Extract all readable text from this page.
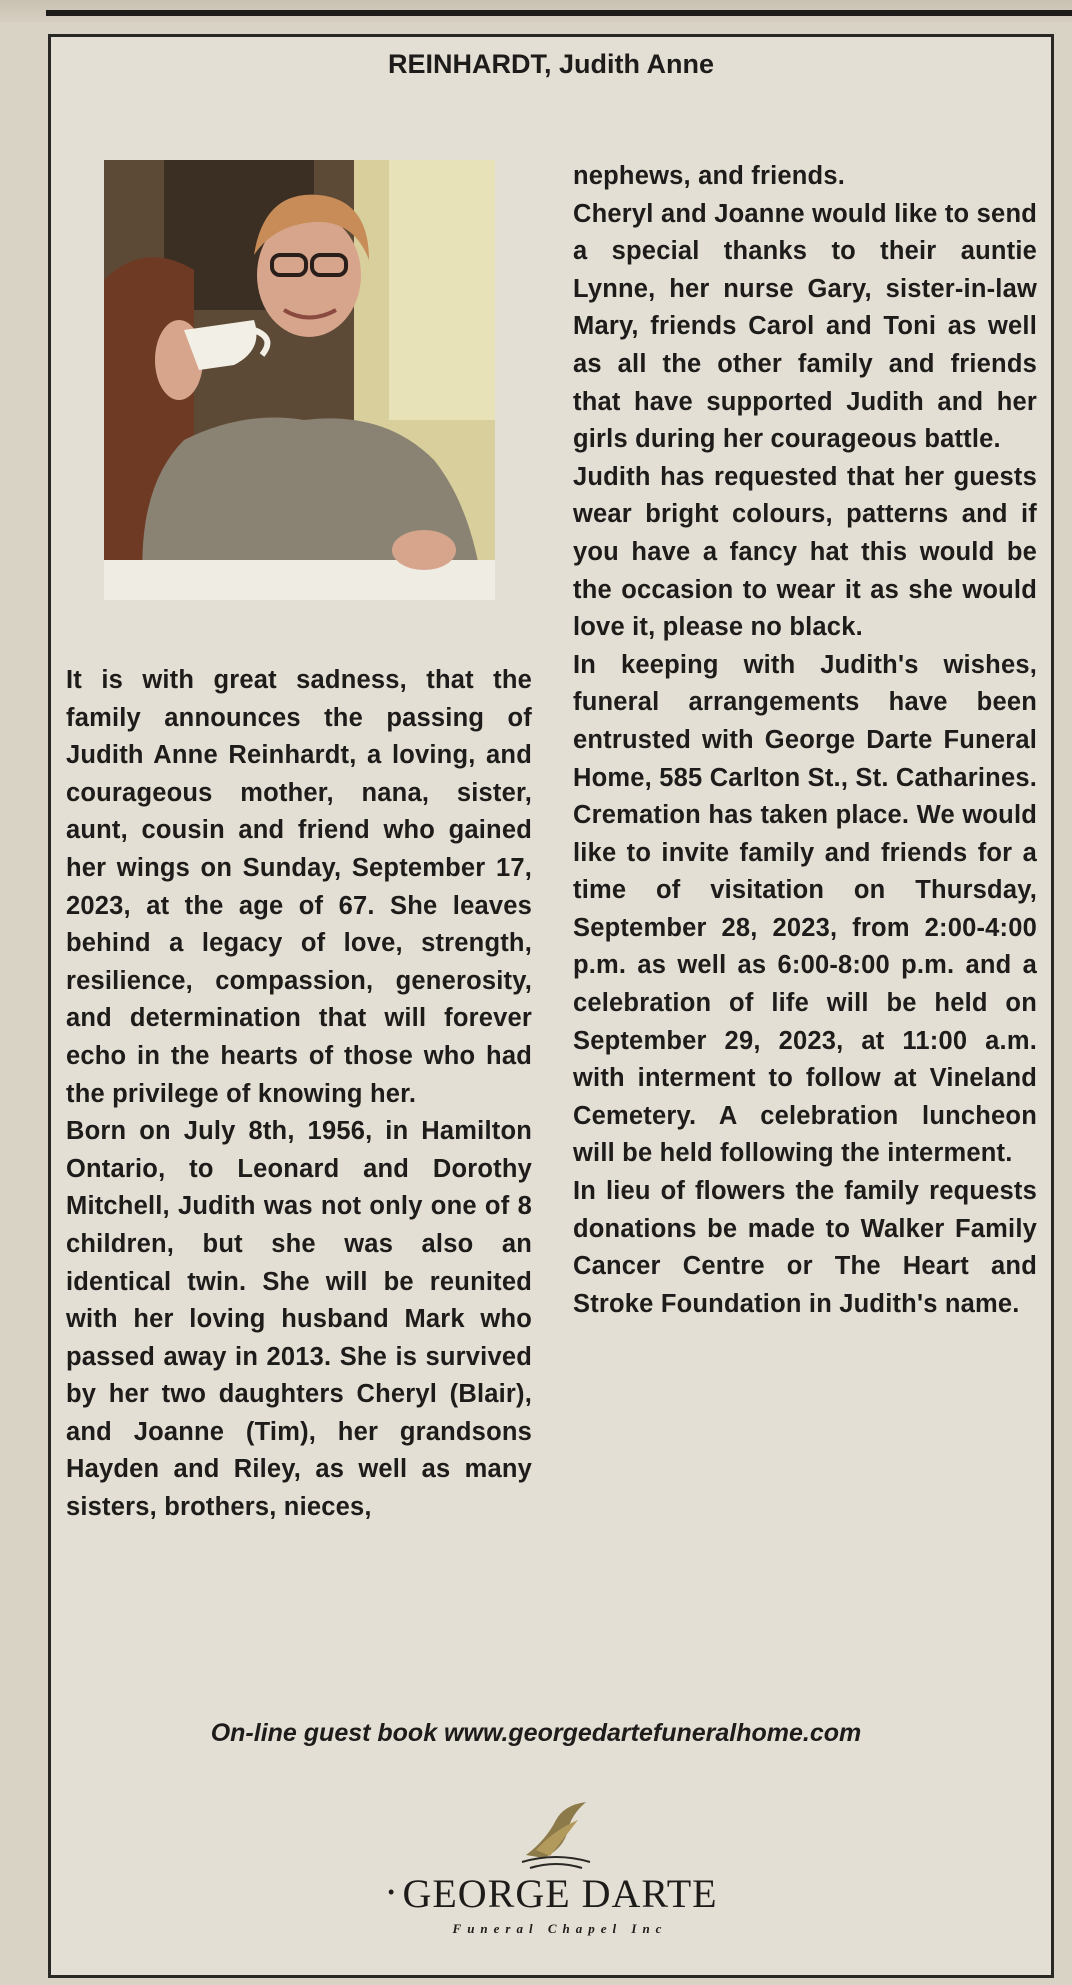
REINHARDT, Judith Anne

It is with great sadness, that the family announces the passing of Judith Anne Reinhardt, a loving, and courageous mother, nana, sister, aunt, cousin and friend who gained her wings on Sunday, September 17, 2023, at the age of 67. She leaves behind a legacy of love, strength, resilience, compassion, generosity, and determination that will forever echo in the hearts of those who had the privilege of knowing her.

Born on July 8th, 1956, in Hamilton Ontario, to Leonard and Dorothy Mitchell, Judith was not only one of 8 children, but she was also an identical twin. She will be reunited with her loving husband Mark who passed away in 2013. She is survived by her two daughters Cheryl (Blair), and Joanne (Tim), her grandsons Hayden and Riley, as well as many sisters, brothers, nieces,

nephews, and friends.

Cheryl and Joanne would like to send a special thanks to their auntie Lynne, her nurse Gary, sister-in-law Mary, friends Carol and Toni as well as all the other family and friends that have supported Judith and her girls during her courageous battle.

Judith has requested that her guests wear bright colours, patterns and if you have a fancy hat this would be the occasion to wear it as she would love it, please no black.

In keeping with Judith's wishes, funeral arrangements have been entrusted with George Darte Funeral Home, 585 Carlton St., St. Catharines. Cremation has taken place. We would like to invite family and friends for a time of visitation on Thursday, September 28, 2023, from 2:00-4:00 p.m. as well as 6:00-8:00 p.m. and a celebration of life will be held on September 29, 2023, at 11:00 a.m. with interment to follow at Vineland Cemetery. A celebration luncheon will be held following the interment.

In lieu of flowers the family requests donations be made to Walker Family Cancer Centre or The Heart and Stroke Foundation in Judith's name.

On-line guest book www.georgedartefuneralhome.com
• GEORGE DARTE
Funeral Chapel Inc
